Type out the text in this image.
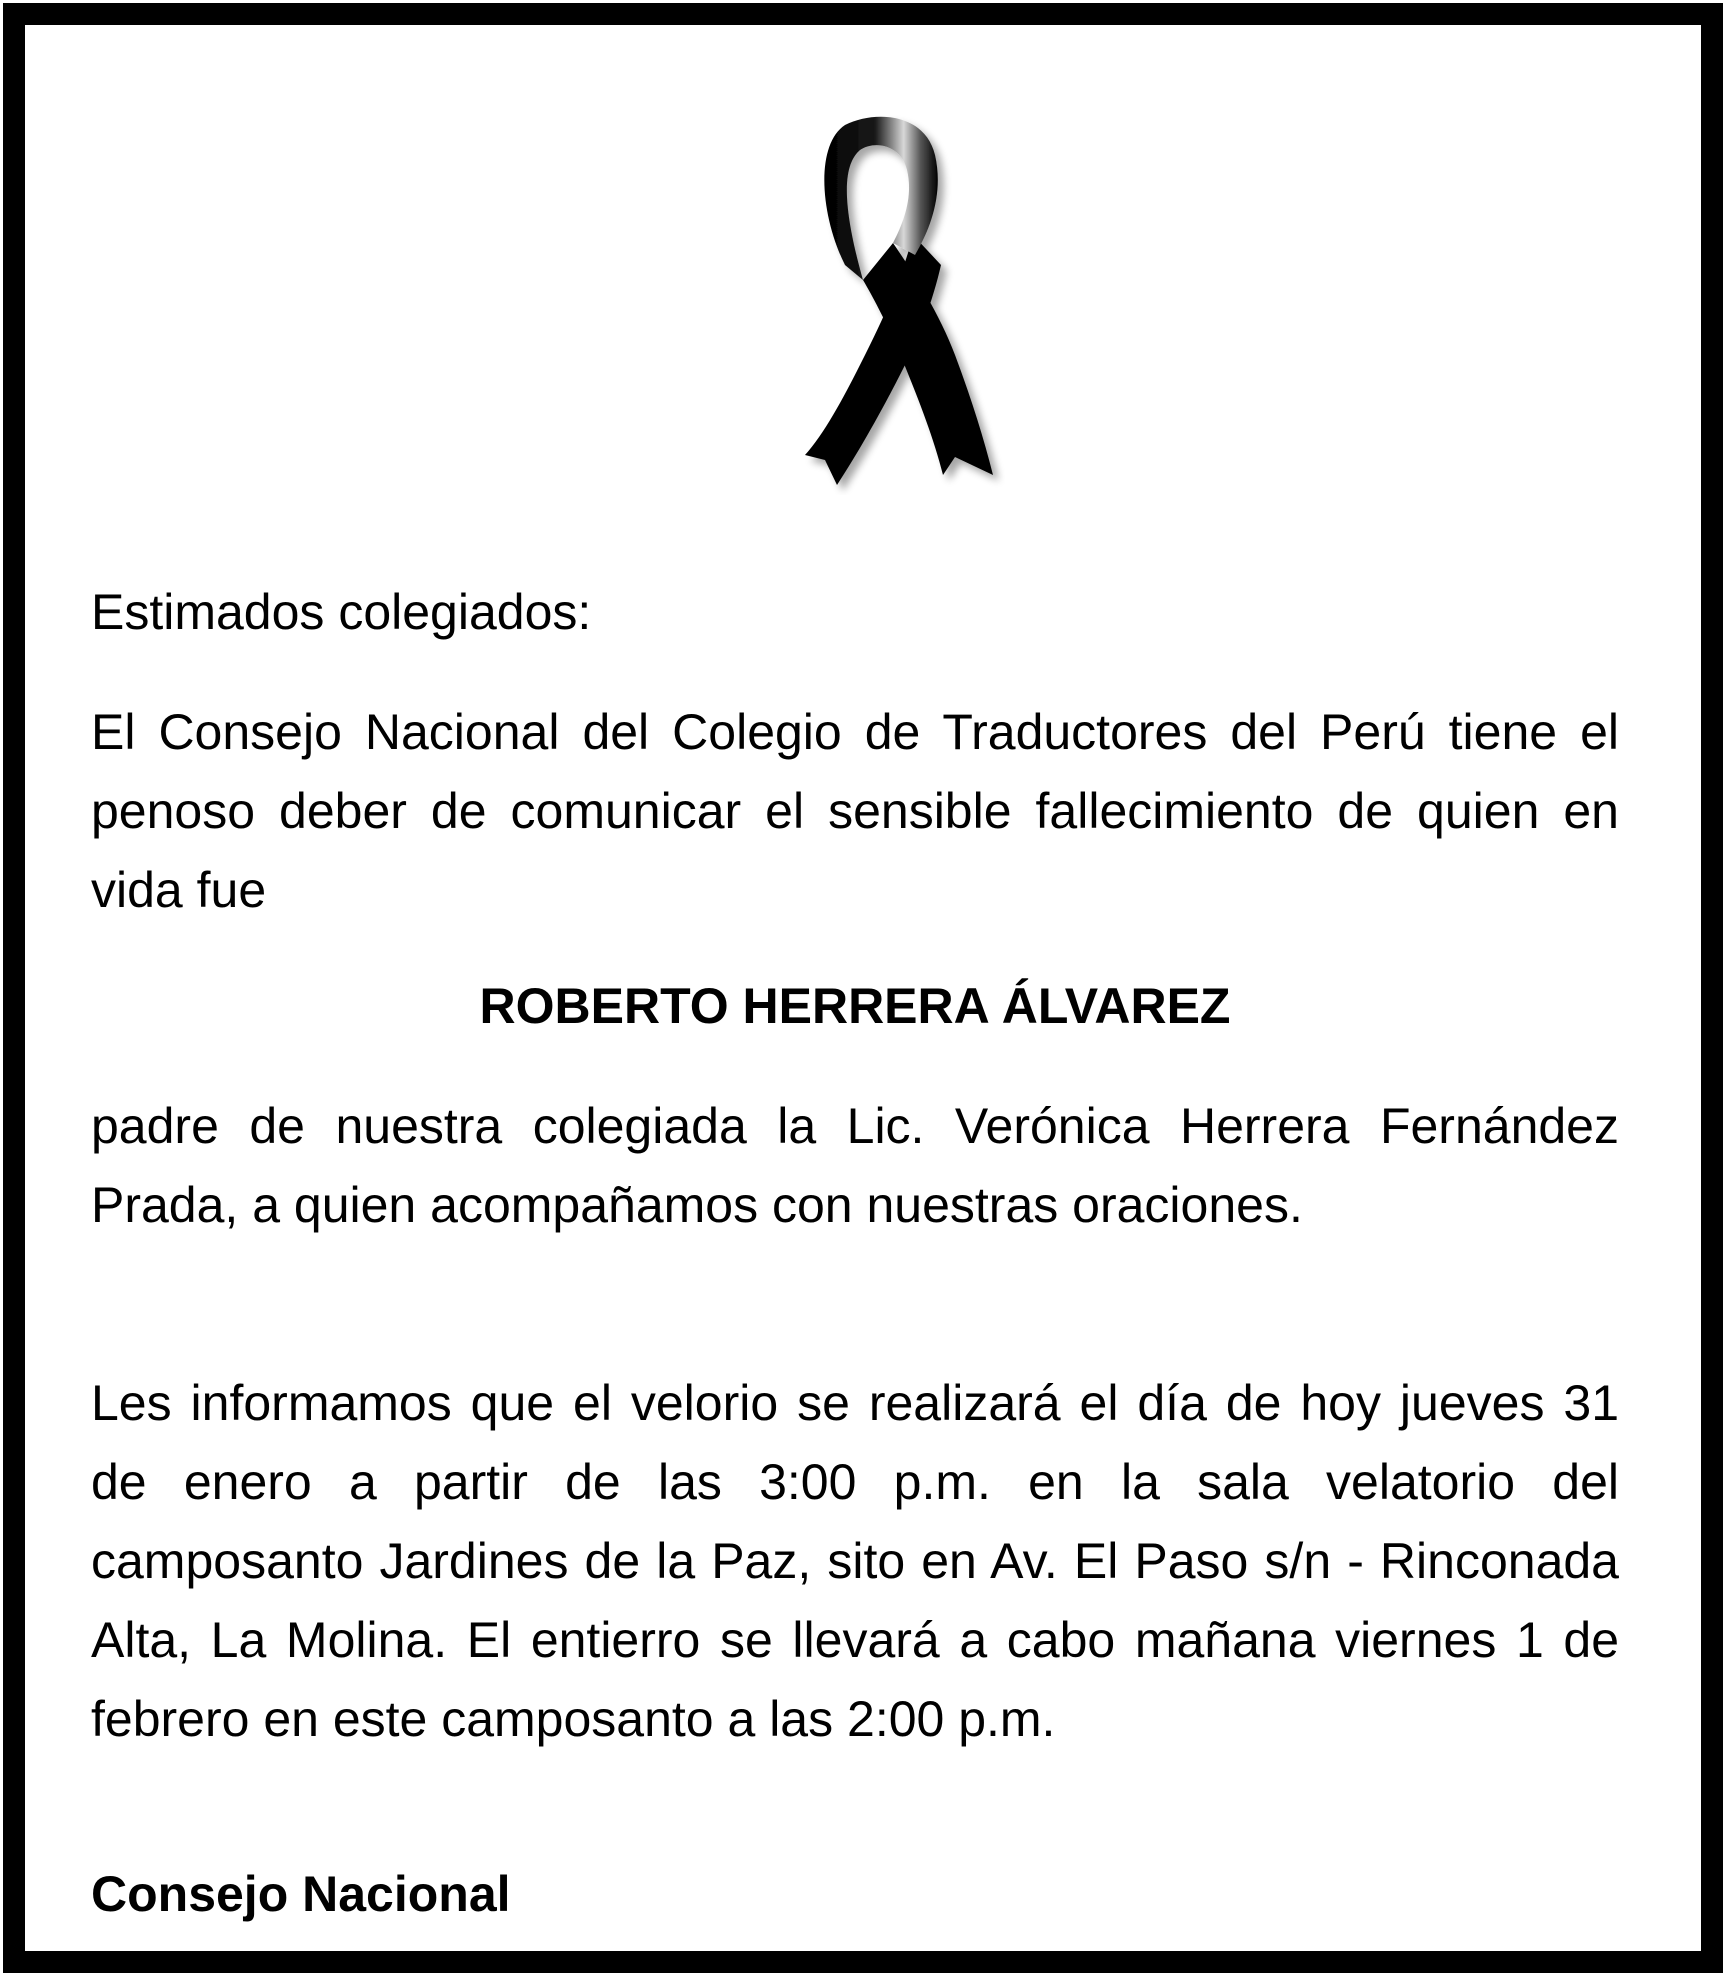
Estimados colegiados:

El Consejo Nacional del Colegio de Traductores del Perú tiene el penoso deber de comunicar el sensible fallecimiento de quien en vida fue

ROBERTO HERRERA ÁLVAREZ

padre de nuestra colegiada la Lic. Verónica Herrera Fernández Prada, a quien acompañamos con nuestras oraciones.

Les informamos que el velorio se realizará el día de hoy jueves 31 de enero a partir de las 3:00 p.m. en la sala velatorio del camposanto Jardines de la Paz, sito en Av. El Paso s/n - Rinconada Alta, La Molina. El entierro se llevará a cabo mañana viernes 1 de febrero en este camposanto a las 2:00 p.m.

Consejo Nacional
